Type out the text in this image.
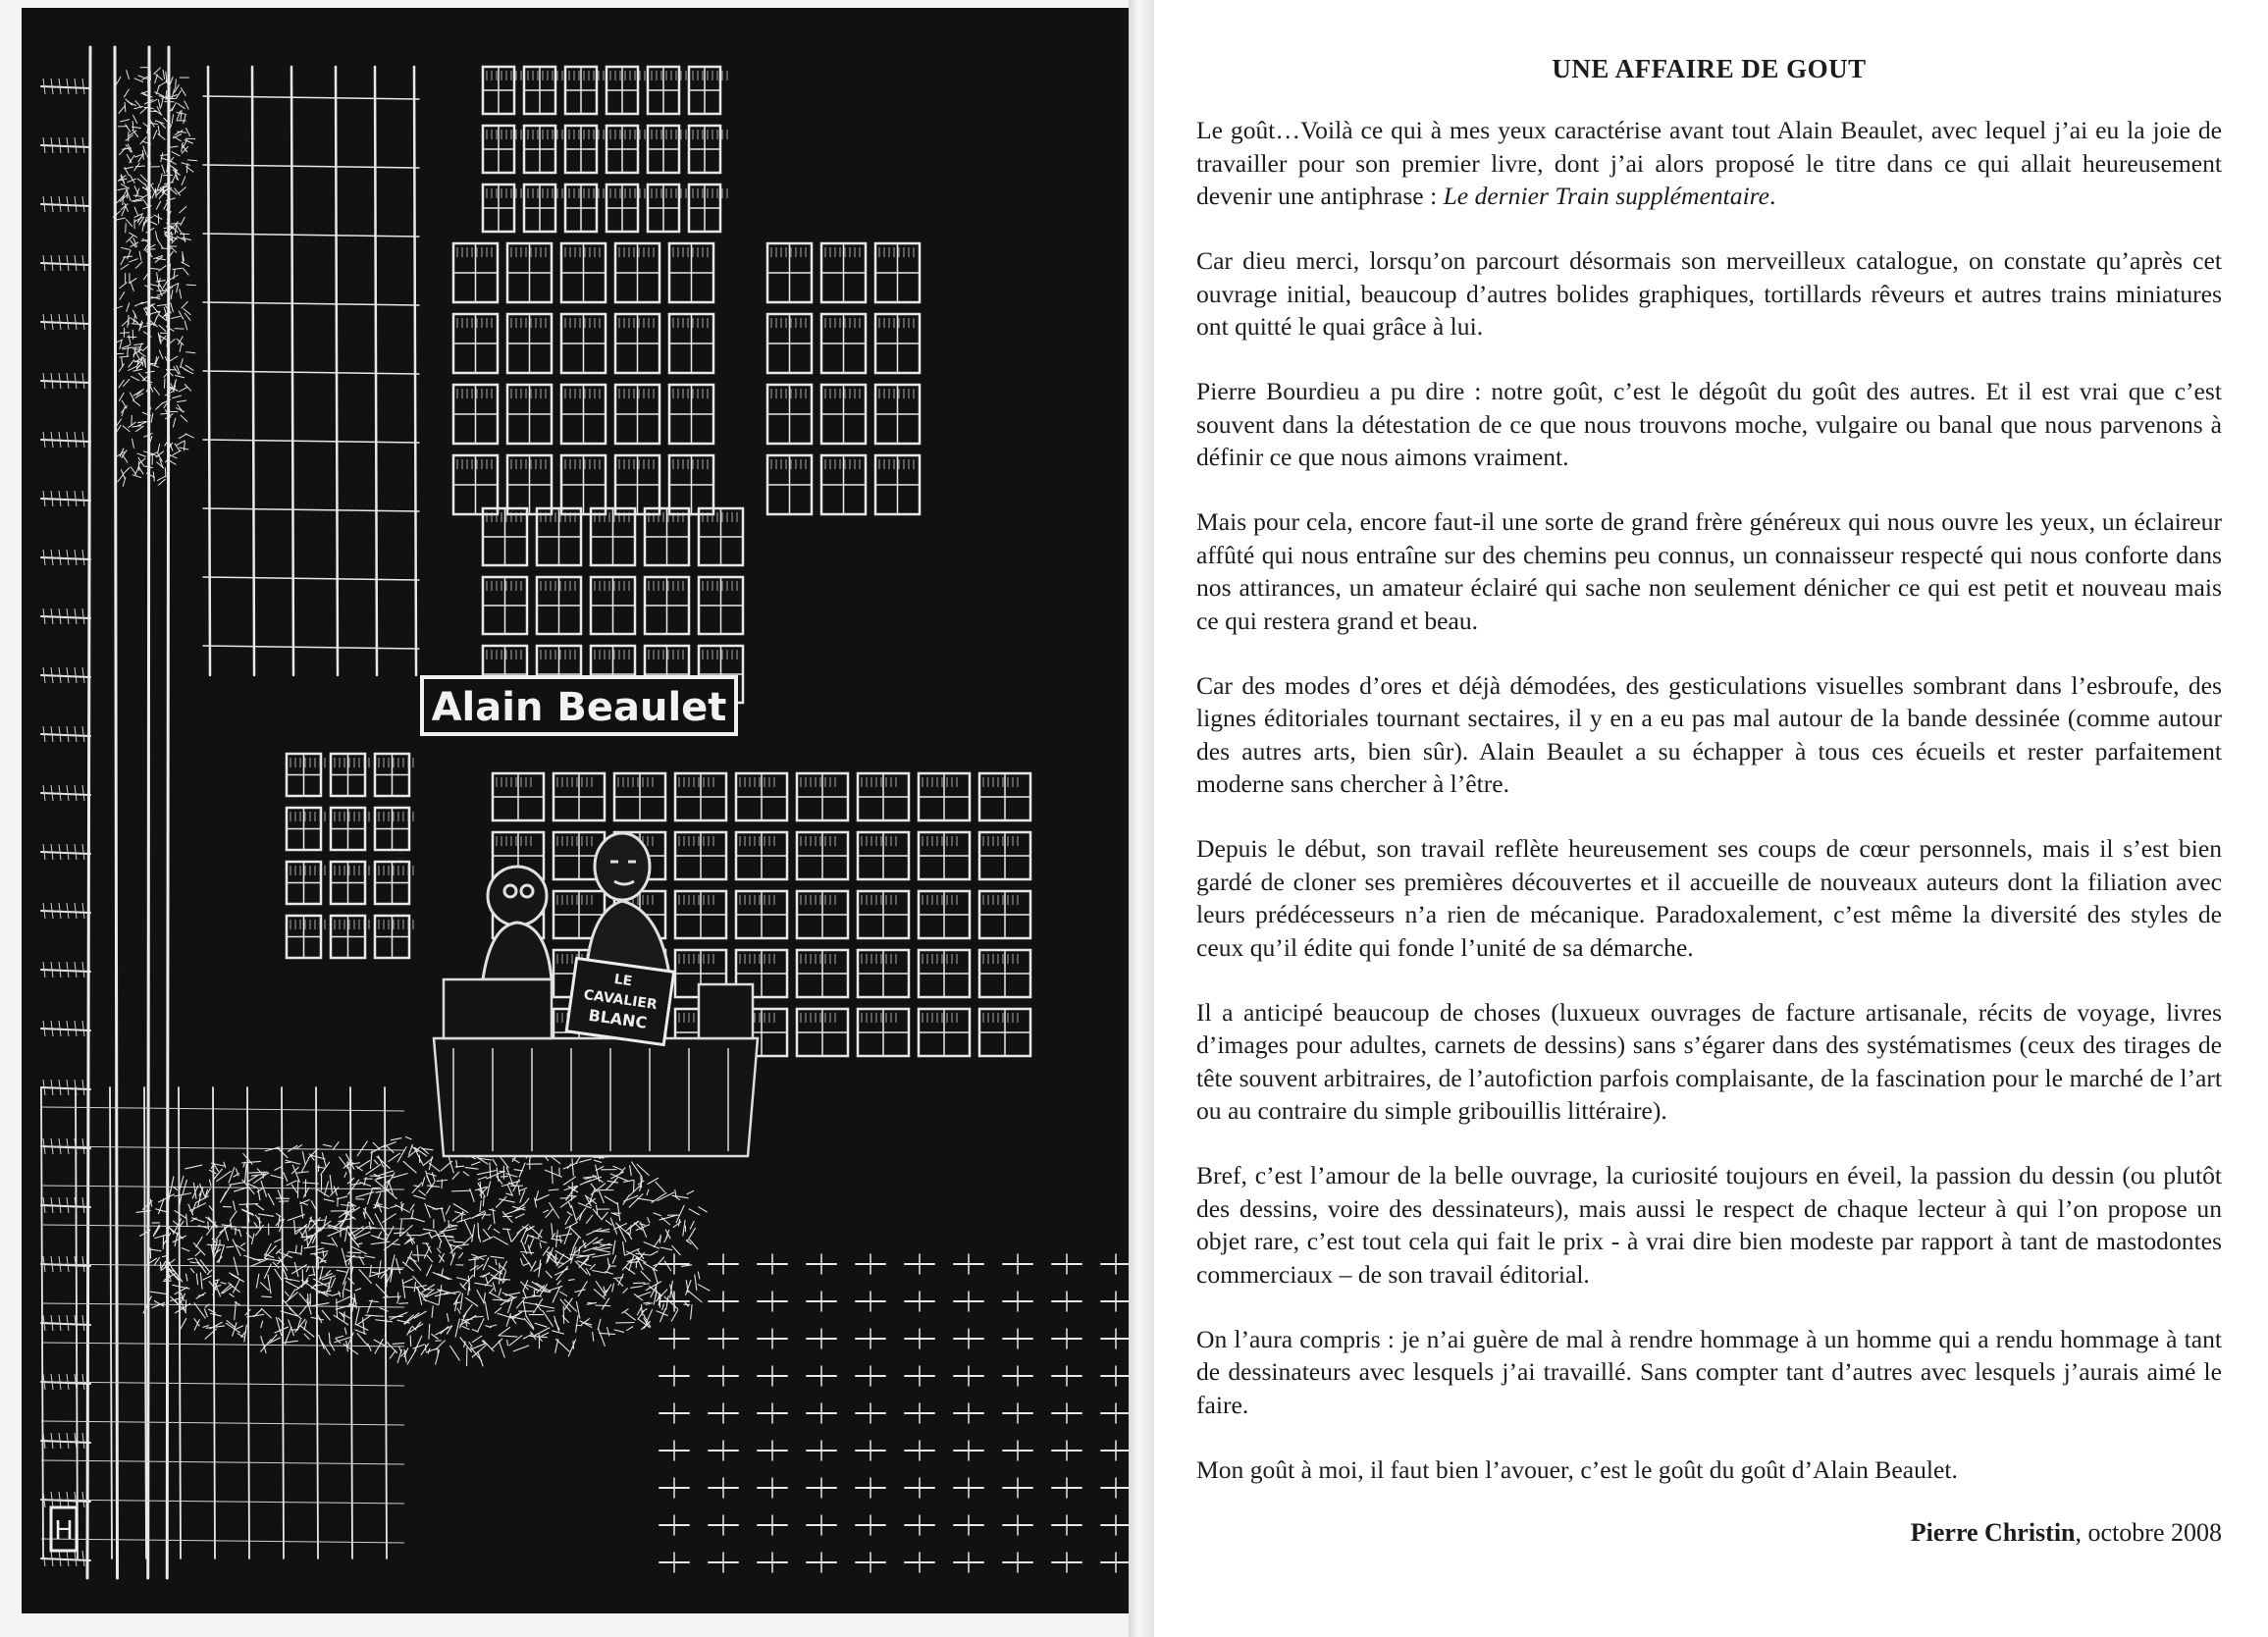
Alain Beaulet
LE
CAVALIER
BLANC
H
UNE AFFAIRE DE GOUT

Le goût…Voilà ce qui à mes yeux caractérise avant tout Alain Beaulet, avec lequel j’ai eu la joie de travailler pour son premier livre, dont j’ai alors proposé le titre dans ce qui allait heureusement devenir une antiphrase : Le dernier Train supplémentaire.

Car dieu merci, lorsqu’on parcourt désormais son merveilleux catalogue, on constate qu’après cet ouvrage initial, beaucoup d’autres bolides graphiques, tortillards rêveurs et autres trains miniatures ont quitté le quai grâce à lui.

Pierre Bourdieu a pu dire : notre goût, c’est le dégoût du goût des autres. Et il est vrai que c’est souvent dans la détestation de ce que nous trouvons moche, vulgaire ou banal que nous parvenons à définir ce que nous aimons vraiment.

Mais pour cela, encore faut-il une sorte de grand frère généreux qui nous ouvre les yeux, un éclaireur affûté qui nous entraîne sur des chemins peu connus, un connaisseur respecté qui nous conforte dans nos attirances, un amateur éclairé qui sache non seulement dénicher ce qui est petit et nouveau mais ce qui restera grand et beau.

Car des modes d’ores et déjà démodées, des gesticulations visuelles sombrant dans l’esbroufe, des lignes éditoriales tournant sectaires, il y en a eu pas mal autour de la bande dessinée (comme autour des autres arts, bien sûr). Alain Beaulet a su échapper à tous ces écueils et rester parfaitement moderne sans chercher à l’être.

Depuis le début, son travail reflète heureusement ses coups de cœur personnels, mais il s’est bien gardé de cloner ses premières découvertes et il accueille de nouveaux auteurs dont la filiation avec leurs prédécesseurs n’a rien de mécanique. Paradoxalement, c’est même la diversité des styles de ceux qu’il édite qui fonde l’unité de sa démarche.

Il a anticipé beaucoup de choses (luxueux ouvrages de facture artisanale, récits de voyage, livres d’images pour adultes, carnets de dessins) sans s’égarer dans des systématismes (ceux des tirages de tête souvent arbitraires, de l’autofiction parfois complaisante, de la fascination pour le marché de l’art ou au contraire du simple gribouillis littéraire).

Bref, c’est l’amour de la belle ouvrage, la curiosité toujours en éveil, la passion du dessin (ou plutôt des dessins, voire des dessinateurs), mais aussi le respect de chaque lecteur à qui l’on propose un objet rare, c’est tout cela qui fait le prix - à vrai dire bien modeste par rapport à tant de mastodontes commerciaux – de son travail éditorial.

On l’aura compris : je n’ai guère de mal à rendre hommage à un homme qui a rendu hommage à tant de dessinateurs avec lesquels j’ai travaillé. Sans compter tant d’autres avec lesquels j’aurais aimé le faire.

Mon goût à moi, il faut bien l’avouer, c’est le goût du goût d’Alain Beaulet.

Pierre Christin, octobre 2008
